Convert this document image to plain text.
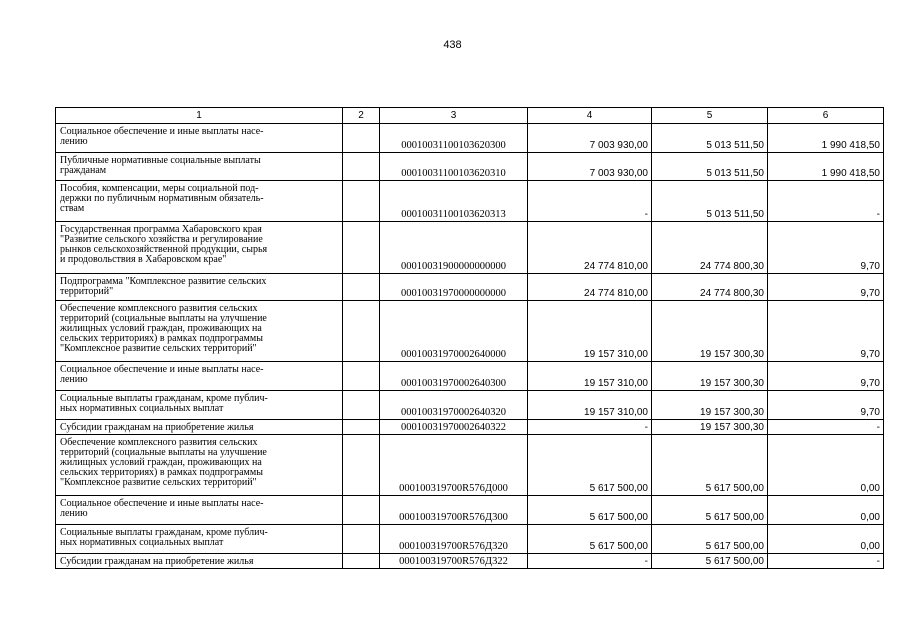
438
1	2	3	4	5	6
Социальное обеспечение и иные выплаты насе-
лению		00010031100103620300	7 003 930,00	5 013 511,50	1 990 418,50
Публичные нормативные социальные выплаты
гражданам		00010031100103620310	7 003 930,00	5 013 511,50	1 990 418,50
Пособия, компенсации, меры социальной под-
держки по публичным нормативным обязатель-
ствам		00010031100103620313	-	5 013 511,50	-
Государственная программа Хабаровского края
"Развитие сельского хозяйства и регулирование
рынков сельскохозяйственной продукции, сырья
и продовольствия в Хабаровском крае"		00010031900000000000	24 774 810,00	24 774 800,30	9,70
Подпрограмма "Комплексное развитие сельских
территорий"		00010031970000000000	24 774 810,00	24 774 800,30	9,70
Обеспечение комплексного развития сельских
территорий (социальные выплаты на улучшение
жилищных условий граждан, проживающих на
сельских территориях) в рамках подпрограммы
"Комплексное развитие сельских территорий"		00010031970002640000	19 157 310,00	19 157 300,30	9,70
Социальное обеспечение и иные выплаты насе-
лению		00010031970002640300	19 157 310,00	19 157 300,30	9,70
Социальные выплаты гражданам, кроме публич-
ных нормативных социальных выплат		00010031970002640320	19 157 310,00	19 157 300,30	9,70
Субсидии гражданам на приобретение жилья		00010031970002640322	-	19 157 300,30	-
Обеспечение комплексного развития сельских
территорий (социальные выплаты на улучшение
жилищных условий граждан, проживающих на
сельских территориях) в рамках подпрограммы
"Комплексное развитие сельских территорий"		000100319700R576Д000	5 617 500,00	5 617 500,00	0,00
Социальное обеспечение и иные выплаты насе-
лению		000100319700R576Д300	5 617 500,00	5 617 500,00	0,00
Социальные выплаты гражданам, кроме публич-
ных нормативных социальных выплат		000100319700R576Д320	5 617 500,00	5 617 500,00	0,00
Субсидии гражданам на приобретение жилья		000100319700R576Д322	-	5 617 500,00	-
